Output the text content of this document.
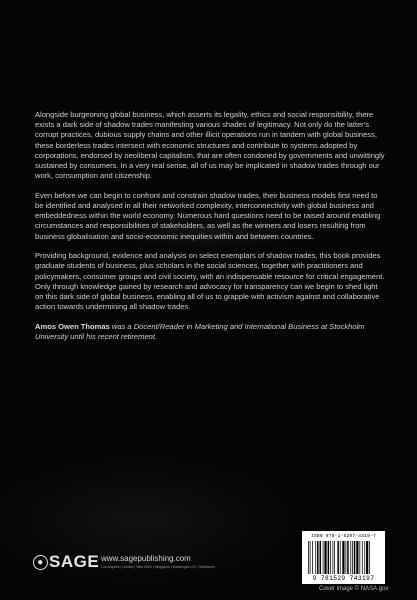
Alongside burgeoning global business, which asserts its legality, ethics and social responsibility, there exists a dark side of shadow trades manifesting various shades of legitimacy. Not only do the latter's corrupt practices, dubious supply chains and other illicit operations run in tandem with global business, these borderless trades intersect with economic structures and contribute to systems adopted by corporations, endorsed by neoliberal capitalism, that are often condoned by governments and unwittingly sustained by consumers. In a very real sense, all of us may be implicated in shadow trades through our work, consumption and citizenship.

Even before we can begin to confront and constrain shadow trades, their business models first need to be identified and analysed in all their networked complexity, interconnectivity with global business and embeddedness within the world economy. Numerous hard questions need to be raised around enabling circumstances and responsibilities of stakeholders, as well as the winners and losers resulting from business globalisation and socio-economic inequities within and between countries.

Providing background, evidence and analysis on select exemplars of shadow trades, this book provides graduate students of business, plus scholars in the social sciences, together with practitioners and policymakers, consumer groups and civil society, with an indispensable resource for critical engagement. Only through knowledge gained by research and advocacy for transparency can we begin to shed light on this dark side of global business, enabling all of us to grapple with activism against and collaborative action towards undermining all shadow trades.

Amos Owen Thomas was a Docent/Reader in Marketing and International Business at Stockholm University until his recent retirement.

● SAGE www.sagepublishing.com
Los Angeles | London | New Delhi | Singapore | Washington DC | Melbourne
ISBN 978-1-5297-4319-7
9 781529 743197
Cover image © NASA.gov
